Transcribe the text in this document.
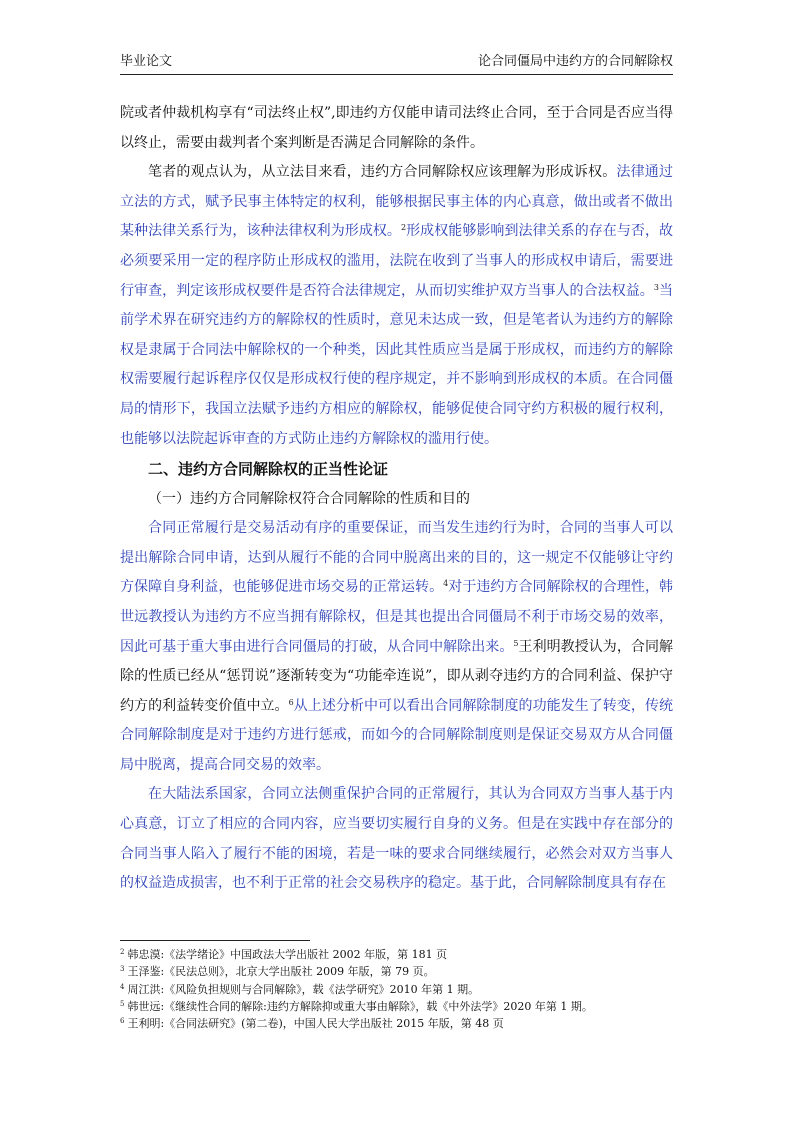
毕业论文	论合同僵局中违约方的合同解除权

院或者仲裁机构享有“司法终止权”,即违约方仅能申请司法终止合同，至于合同是否应当得以终止，需要由裁判者个案判断是否满足合同解除的条件。

笔者的观点认为，从立法目来看，违约方合同解除权应该理解为形成诉权。法律通过立法的方式，赋予民事主体特定的权利，能够根据民事主体的内心真意，做出或者不做出某种法律关系行为，该种法律权利为形成权。$^2$形成权能够影响到法律关系的存在与否，故必须要采用一定的程序防止形成权的滥用，法院在收到了当事人的形成权申请后，需要进行审查，判定该形成权要件是否符合法律规定，从而切实维护双方当事人的合法权益。$^3$当前学术界在研究违约方的解除权的性质时，意见未达成一致，但是笔者认为违约方的解除权是隶属于合同法中解除权的一个种类，因此其性质应当是属于形成权，而违约方的解除权需要履行起诉程序仅仅是形成权行使的程序规定，并不影响到形成权的本质。在合同僵局的情形下，我国立法赋予违约方相应的解除权，能够促使合同守约方积极的履行权利，也能够以法院起诉审查的方式防止违约方解除权的滥用行使。

二、违约方合同解除权的正当性论证

（一）违约方合同解除权符合合同解除的性质和目的

合同正常履行是交易活动有序的重要保证，而当发生违约行为时，合同的当事人可以提出解除合同申请，达到从履行不能的合同中脱离出来的目的，这一规定不仅能够让守约方保障自身利益，也能够促进市场交易的正常运转。$^4$对于违约方合同解除权的合理性，韩世远教授认为违约方不应当拥有解除权，但是其也提出合同僵局不利于市场交易的效率，因此可基于重大事由进行合同僵局的打破，从合同中解除出来。$^5$王利明教授认为，合同解除的性质已经从“惩罚说”逐渐转变为“功能牵连说”，即从剥夺违约方的合同利益、保护守约方的利益转变价值中立。$^6$从上述分析中可以看出合同解除制度的功能发生了转变，传统合同解除制度是对于违约方进行惩戒，而如今的合同解除制度则是保证交易双方从合同僵局中脱离，提高合同交易的效率。

在大陆法系国家，合同立法侧重保护合同的正常履行，其认为合同双方当事人基于内心真意，订立了相应的合同内容，应当要切实履行自身的义务。但是在实践中存在部分的合同当事人陷入了履行不能的困境，若是一味的要求合同继续履行，必然会对双方当事人的权益造成损害，也不利于正常的社会交易秩序的稳定。基于此，合同解除制度具有存在

$^2$ 韩忠漠:《法学绪论》中国政法大学出版社 2002 年版，第 181 页
$^3$ 王泽鉴:《民法总则》，北京大学出版社 2009 年版，第 79 页。
$^4$ 周江洪:《风险负担规则与合同解除》，载《法学研究》2010 年第 1 期。
$^5$ 韩世远:《继续性合同的解除:违约方解除抑或重大事由解除》，载《中外法学》2020 年第 1 期。
$^6$ 王利明:《合同法研究》(第二卷)，中国人民大学出版社 2015 年版，第 48 页
